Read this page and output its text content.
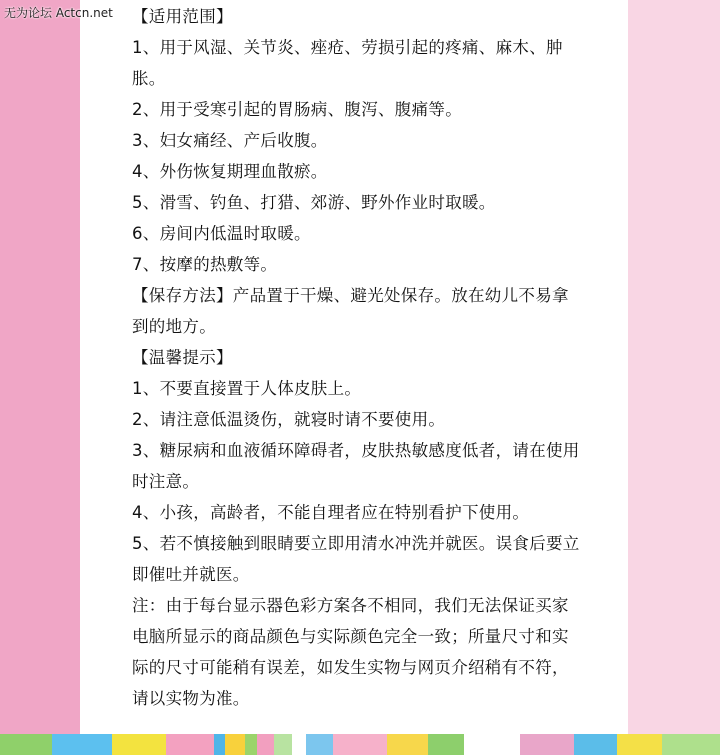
无为论坛 Actcn.net 【适用范围】
1、用于风湿、关节炎、痤疮、劳损引起的疼痛、麻木、肿
胀。
2、用于受寒引起的胃肠病、腹泻、腹痛等。
3、妇女痛经、产后收腹。
4、外伤恢复期理血散瘀。
5、滑雪、钓鱼、打猎、郊游、野外作业时取暖。
6、房间内低温时取暖。
7、按摩的热敷等。
【保存方法】产品置于干燥、避光处保存。放在幼儿不易拿
到的地方。
【温馨提示】
1、不要直接置于人体皮肤上。
2、请注意低温烫伤，就寝时请不要使用。
3、糖尿病和血液循环障碍者，皮肤热敏感度低者，请在使用
时注意。
4、小孩，高龄者，不能自理者应在特别看护下使用。
5、若不慎接触到眼睛要立即用清水冲洗并就医。误食后要立
即催吐并就医。
注：由于每台显示器色彩方案各不相同，我们无法保证买家
电脑所显示的商品颜色与实际颜色完全一致；所量尺寸和实
际的尺寸可能稍有误差，如发生实物与网页介绍稍有不符，
请以实物为准。
